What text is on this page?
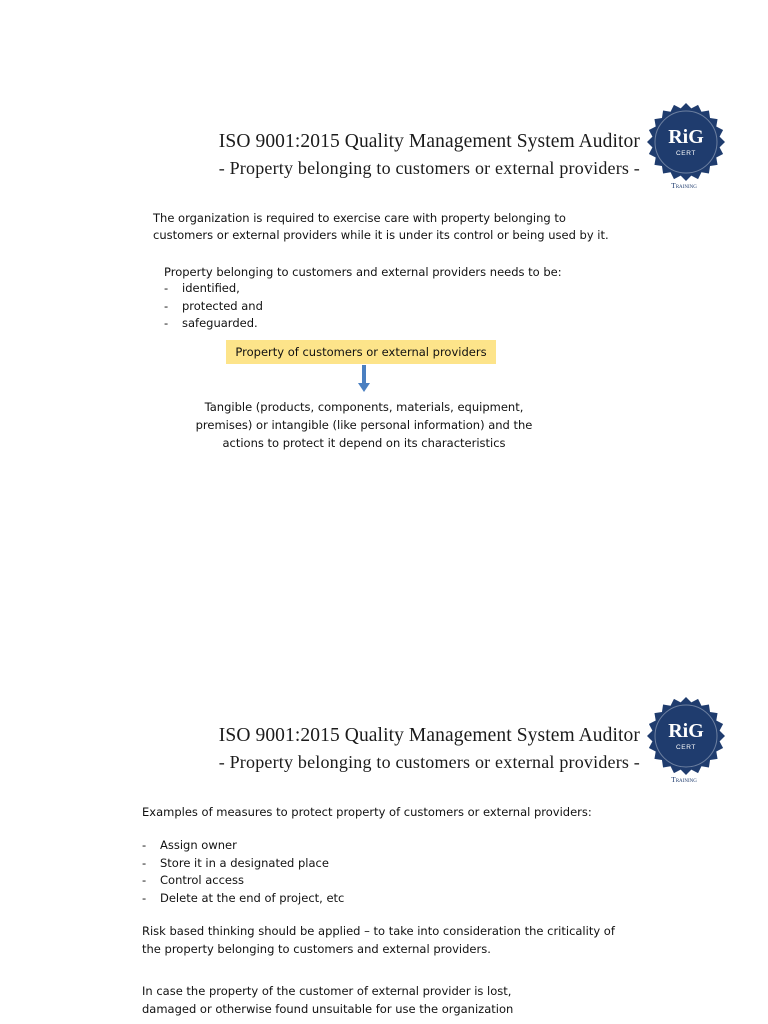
ISO 9001:2015 Quality Management System Auditor
- Property belonging to customers or external providers -
RiG
CERT
Training
The organization is required to exercise care with property belonging to
customers or external providers while it is under its control or being used by it.
Property belonging to customers and external providers needs to be:
- identified,
- protected and
- safeguarded.
Property of customers or external providers
Tangible (products, components, materials, equipment,
premises) or intangible (like personal information) and the
actions to protect it depend on its characteristics
ISO 9001:2015 Quality Management System Auditor
- Property belonging to customers or external providers -
RiG
CERT
Training
Examples of measures to protect property of customers or external providers:
- Assign owner
- Store it in a designated place
- Control access
- Delete at the end of project, etc
Risk based thinking should be applied – to take into consideration the criticality of
the property belonging to customers and external providers.
In case the property of the customer of external provider is lost,
damaged or otherwise found unsuitable for use the organization
